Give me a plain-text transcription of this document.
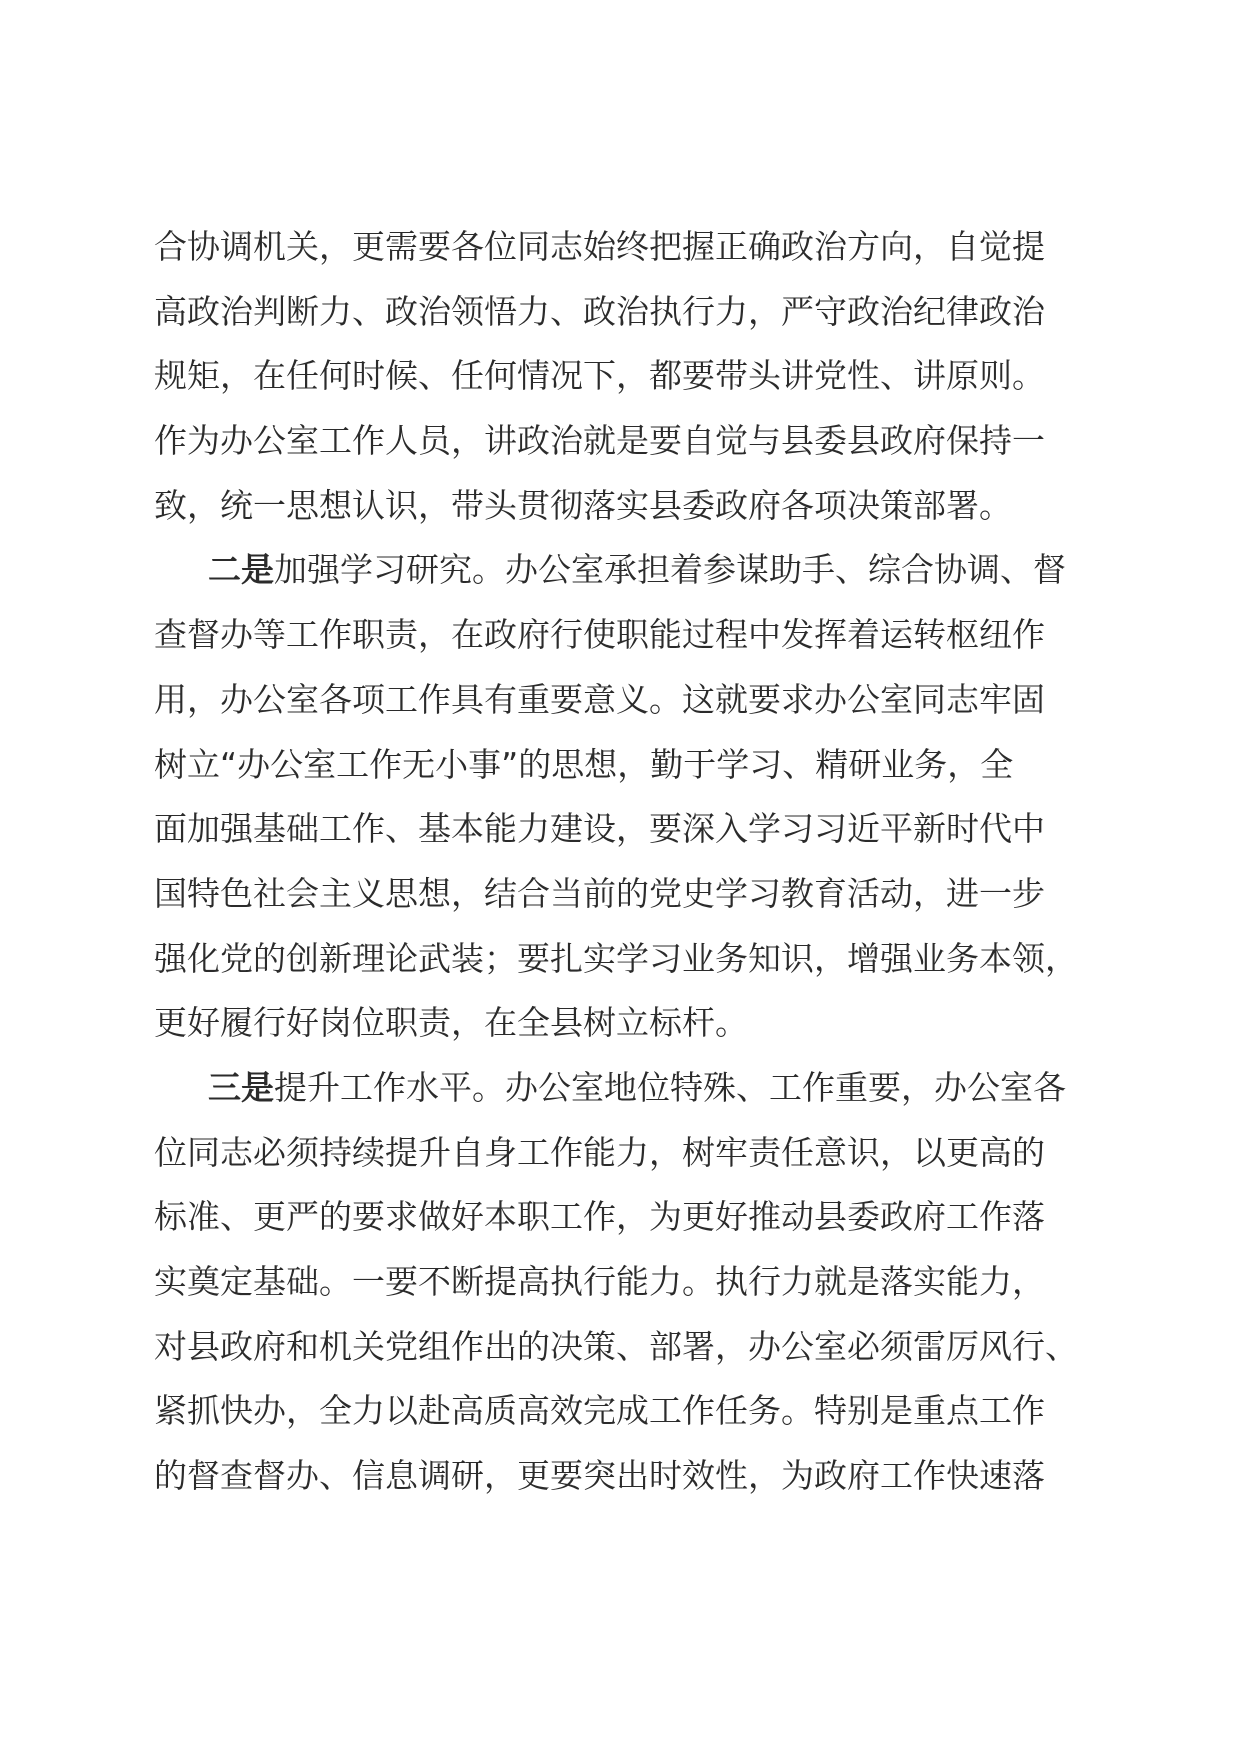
合协调机关，更需要各位同志始终把握正确政治方向，自觉提
高政治判断力、政治领悟力、政治执行力，严守政治纪律政治
规矩，在任何时候、任何情况下，都要带头讲党性、讲原则。
作为办公室工作人员，讲政治就是要自觉与县委县政府保持一
致，统一思想认识，带头贯彻落实县委政府各项决策部署。
二是加强学习研究。办公室承担着参谋助手、综合协调、督
查督办等工作职责，在政府行使职能过程中发挥着运转枢纽作
用，办公室各项工作具有重要意义。这就要求办公室同志牢固
树立“办公室工作无小事”的思想，勤于学习、精研业务，全
面加强基础工作、基本能力建设，要深入学习习近平新时代中
国特色社会主义思想，结合当前的党史学习教育活动，进一步
强化党的创新理论武装；要扎实学习业务知识，增强业务本领，
更好履行好岗位职责，在全县树立标杆。
三是提升工作水平。办公室地位特殊、工作重要，办公室各
位同志必须持续提升自身工作能力，树牢责任意识，以更高的
标准、更严的要求做好本职工作，为更好推动县委政府工作落
实奠定基础。一要不断提高执行能力。执行力就是落实能力，
对县政府和机关党组作出的决策、部署，办公室必须雷厉风行、
紧抓快办，全力以赴高质高效完成工作任务。特别是重点工作
的督查督办、信息调研，更要突出时效性，为政府工作快速落
